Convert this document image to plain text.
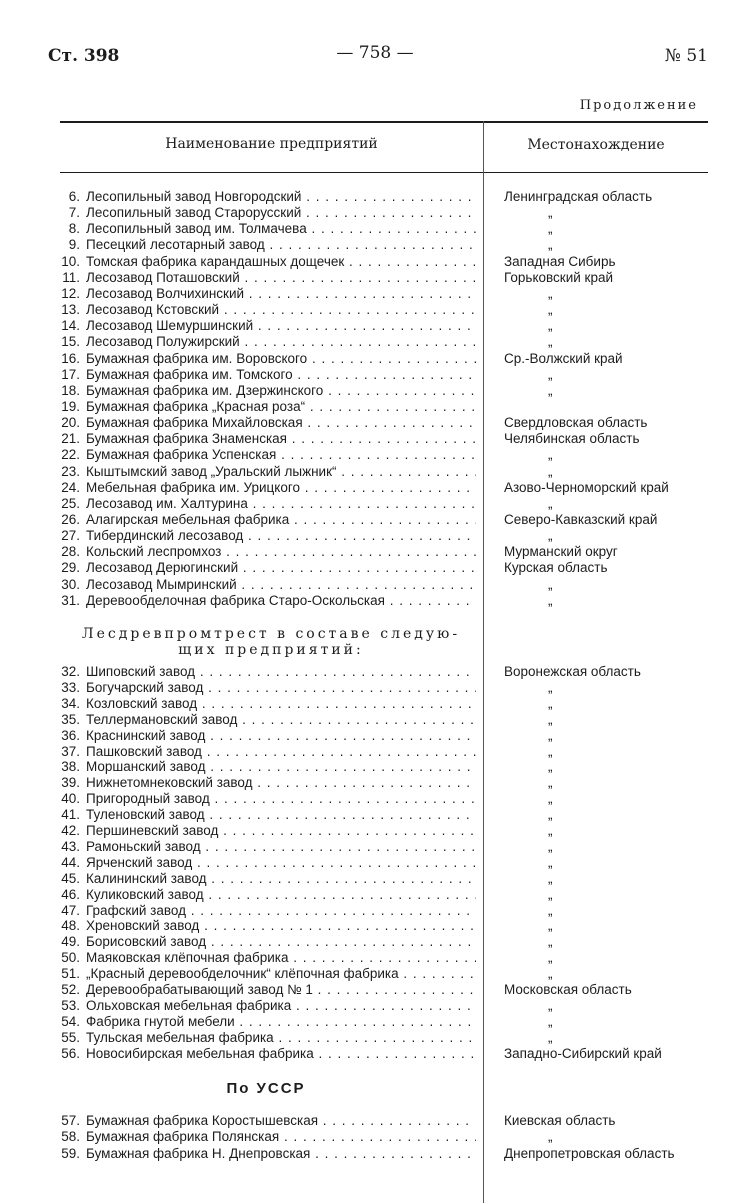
Ст. 398	— 758 —	№ 51
Продолжение
Наименование предприятий	Местонахождение
6. Лесопильный завод Новгородский . . .	Ленинградская область
7. Лесопильный завод Старорусский . . .	„
8. Лесопильный завод им. Толмачева . . .	„
9. Песецкий лесотарный завод . . .	„
10. Томская фабрика карандашных дощечек . . .	Западная Сибирь
11. Лесозавод Поташовский . . .	Горьковский край
12. Лесозавод Волчихинский . . .	„
13. Лесозавод Кстовский . . .	„
14. Лесозавод Шемуршинский . . .	„
15. Лесозавод Полужирский . . .	„
16. Бумажная фабрика им. Воровского . . .	Ср.-Волжский край
17. Бумажная фабрика им. Томского . . .	„
18. Бумажная фабрика им. Дзержинского . . .	„
19. Бумажная фабрика „Красная роза“ . . .
20. Бумажная фабрика Михайловская . . .	Свердловская область
21. Бумажная фабрика Знаменская . . .	Челябинская область
22. Бумажная фабрика Успенская . . .	„
23. Кыштымский завод „Уральский лыжник“ . . .	„
24. Мебельная фабрика им. Урицкого . . .	Азово-Черноморский край
25. Лесозавод им. Халтурина . . .	„
26. Алагирская мебельная фабрика . . .	Северо-Кавказский край
27. Тибердинский лесозавод . . .	„
28. Кольский леспромхоз . . .	Мурманский округ
29. Лесозавод Дерюгинский . . .	Курская область
30. Лесозавод Мымринский . . .	„
31. Деревообделочная фабрика Старо-Оскольская . . .	„
32. Шиповский завод . . .	Воронежская область
33. Богучарский завод . . .	„
34. Козловский завод . . .	„
35. Теллермановский завод . . .	„
36. Краснинский завод . . .	„
37. Пашковский завод . . .	„
38. Моршанский завод . . .	„
39. Нижнетомнековский завод . . .	„
40. Пригородный завод . . .	„
41. Туленовский завод . . .	„
42. Першиневский завод . . .	„
43. Рамоньский завод . . .	„
44. Ярченский завод . . .	„
45. Калининский завод . . .	„
46. Куликовский завод . . .	„
47. Графский завод . . .	„
48. Хреновский завод . . .	„
49. Борисовский завод . . .	„
50. Маяковская клёпочная фабрика . . .	„
51. „Красный деревообделочник“ клёпочная фабрика . . .	„
52. Деревообрабатывающий завод № 1 . . .	Московская область
53. Ольховская мебельная фабрика . . .	„
54. Фабрика гнутой мебели . . .	„
55. Тульская мебельная фабрика . . .	„
56. Новосибирская мебельная фабрика . . .	Западно-Сибирский край
57. Бумажная фабрика Коростышевская . . .	Киевская область
58. Бумажная фабрика Полянская . . .	„
59. Бумажная фабрика Н. Днепровская . . .	Днепропетровская область
Лесдревпромтрест в составе следую-
щих предприятий:
По УССР
